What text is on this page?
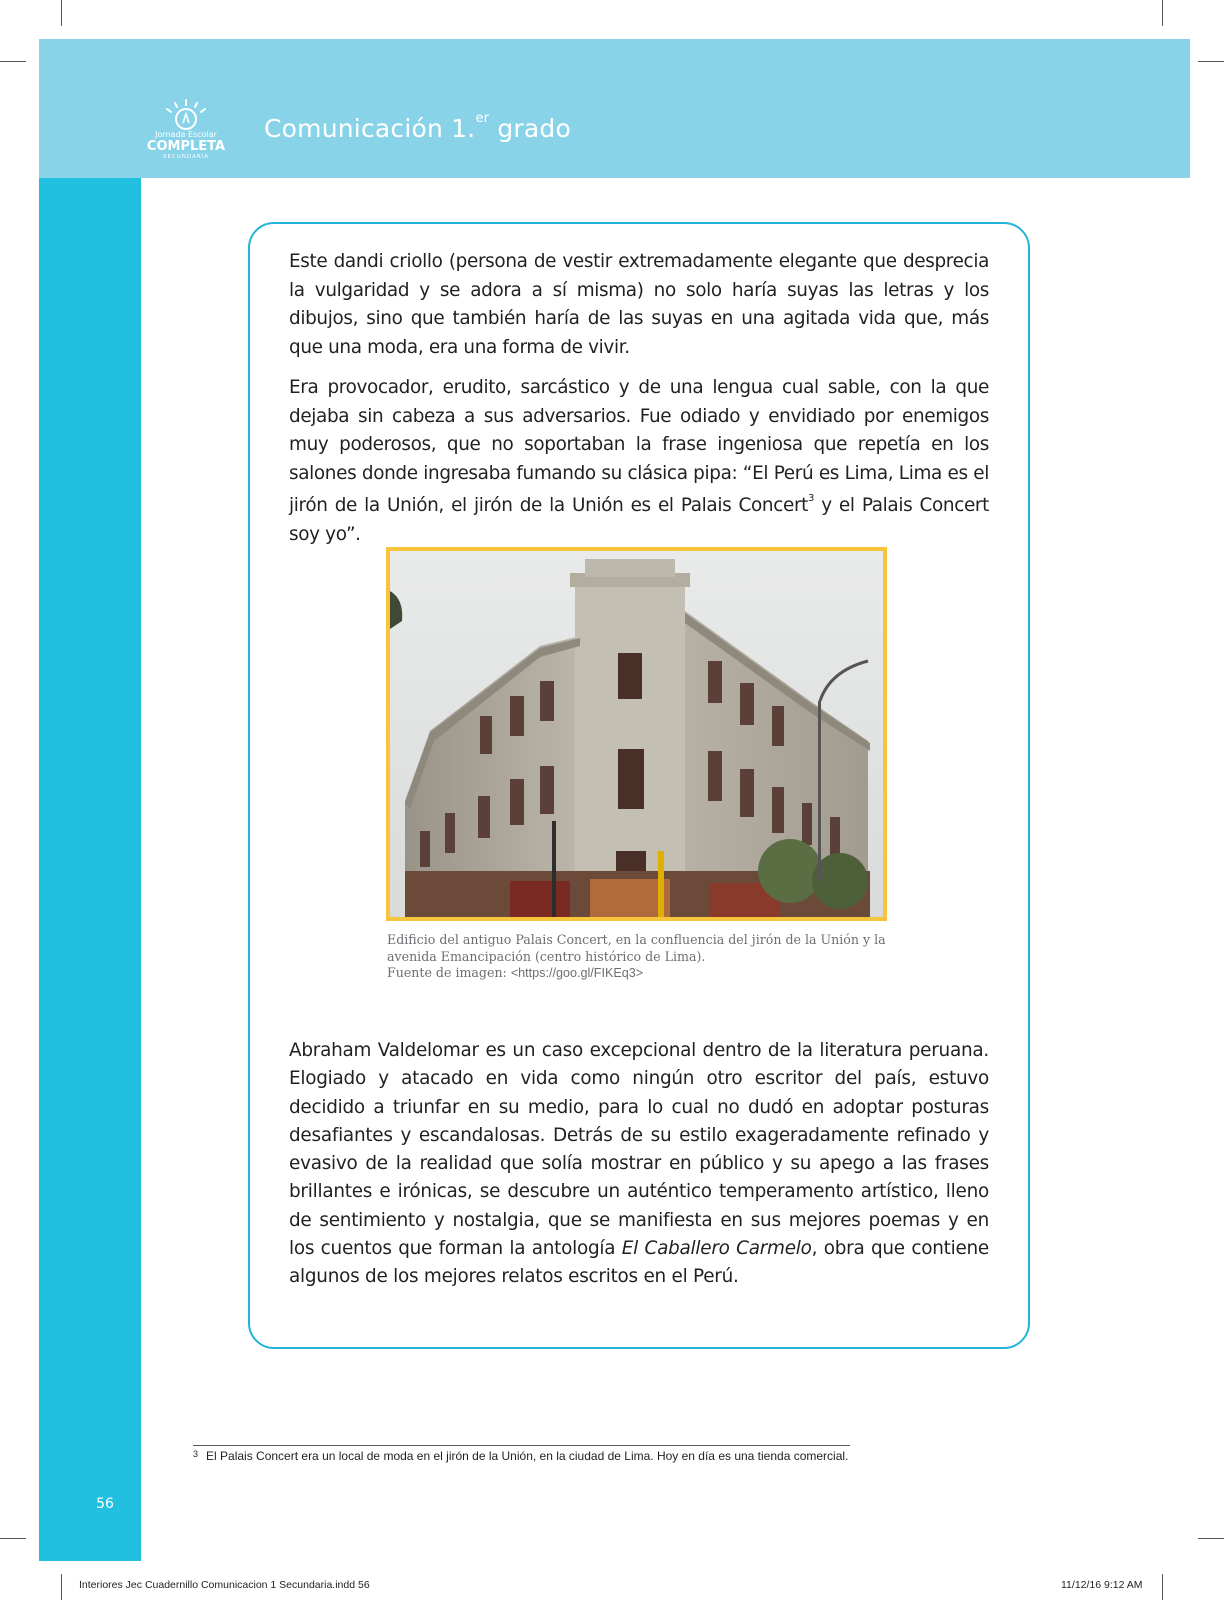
Jornada Escolar
COMPLETA
SECUNDARIA
Comunicación 1.$^{er}$ grado

Este dandi criollo (persona de vestir extremadamente elegante que desprecia la vulgaridad y se adora a sí misma) no solo haría suyas las letras y los dibujos, sino que también haría de las suyas en una agitada vida que, más que una moda, era una forma de vivir.

Era provocador, erudito, sarcástico y de una lengua cual sable, con la que dejaba sin cabeza a sus adversarios. Fue odiado y envidiado por enemigos muy poderosos, que no soportaban la frase ingeniosa que repetía en los salones donde ingresaba fumando su clásica pipa: “El Perú es Lima, Lima es el jirón de la Unión, el jirón de la Unión es el Palais Concert$^3$ y el Palais Concert soy yo”.

Edificio del antiguo Palais Concert, en la confluencia del jirón de la Unión y la
avenida Emancipación (centro histórico de Lima).
Fuente de imagen: <https://goo.gl/FIKEq3>

Abraham Valdelomar es un caso excepcional dentro de la literatura peruana. Elogiado y atacado en vida como ningún otro escritor del país, estuvo decidido a triunfar en su medio, para lo cual no dudó en adoptar posturas desafiantes y escandalosas. Detrás de su estilo exageradamente refinado y evasivo de la realidad que solía mostrar en público y su apego a las frases brillantes e irónicas, se descubre un auténtico temperamento artístico, lleno de sentimiento y nostalgia, que se manifiesta en sus mejores poemas y en los cuentos que forman la antología El Caballero Carmelo, obra que contiene algunos de los mejores relatos escritos en el Perú.

$^3$ El Palais Concert era un local de moda en el jirón de la Unión, en la ciudad de Lima. Hoy en día es una tienda comercial.
56
Interiores Jec Cuadernillo Comunicacion 1 Secundaria.indd 56	11/12/16 9:12 AM
